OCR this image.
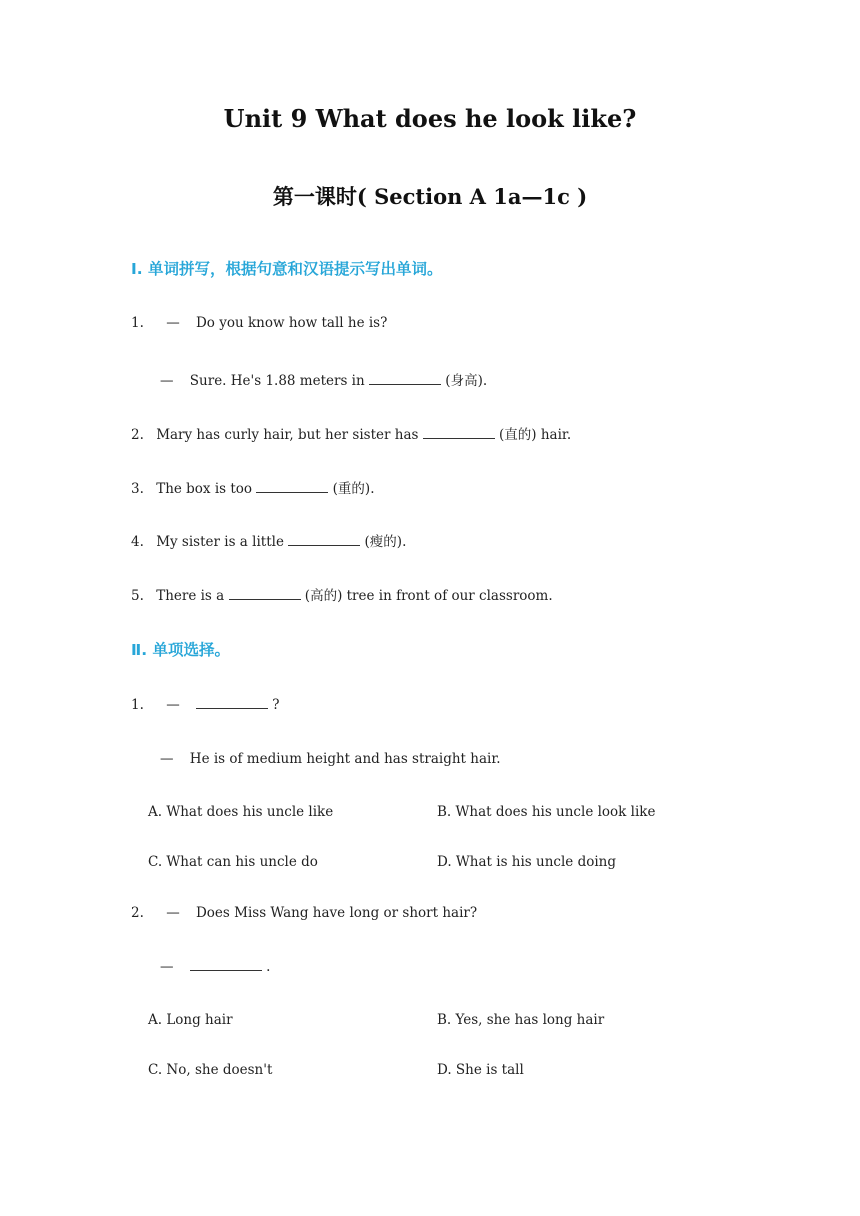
Unit 9 What does he look like?
第一课时( Section A 1a—1c )
Ⅰ. 单词拼写，根据句意和汉语提示写出单词。
1. — Do you know how tall he is?
— Sure. He's 1.88 meters in	(身高).
2. Mary has curly hair, but her sister has	(直的) hair.
3. The box is too	(重的).
4. My sister is a little	(瘦的).
5. There is a	(高的) tree in front of our classroom.
Ⅱ. 单项选择。
1. —	?
— He is of medium height and has straight hair.
A. What does his uncle like	B. What does his uncle look like
C. What can his uncle do	D. What is his uncle doing
2. — Does Miss Wang have long or short hair?
—	.
A. Long hair	B. Yes, she has long hair
C. No, she doesn't	D. She is tall
